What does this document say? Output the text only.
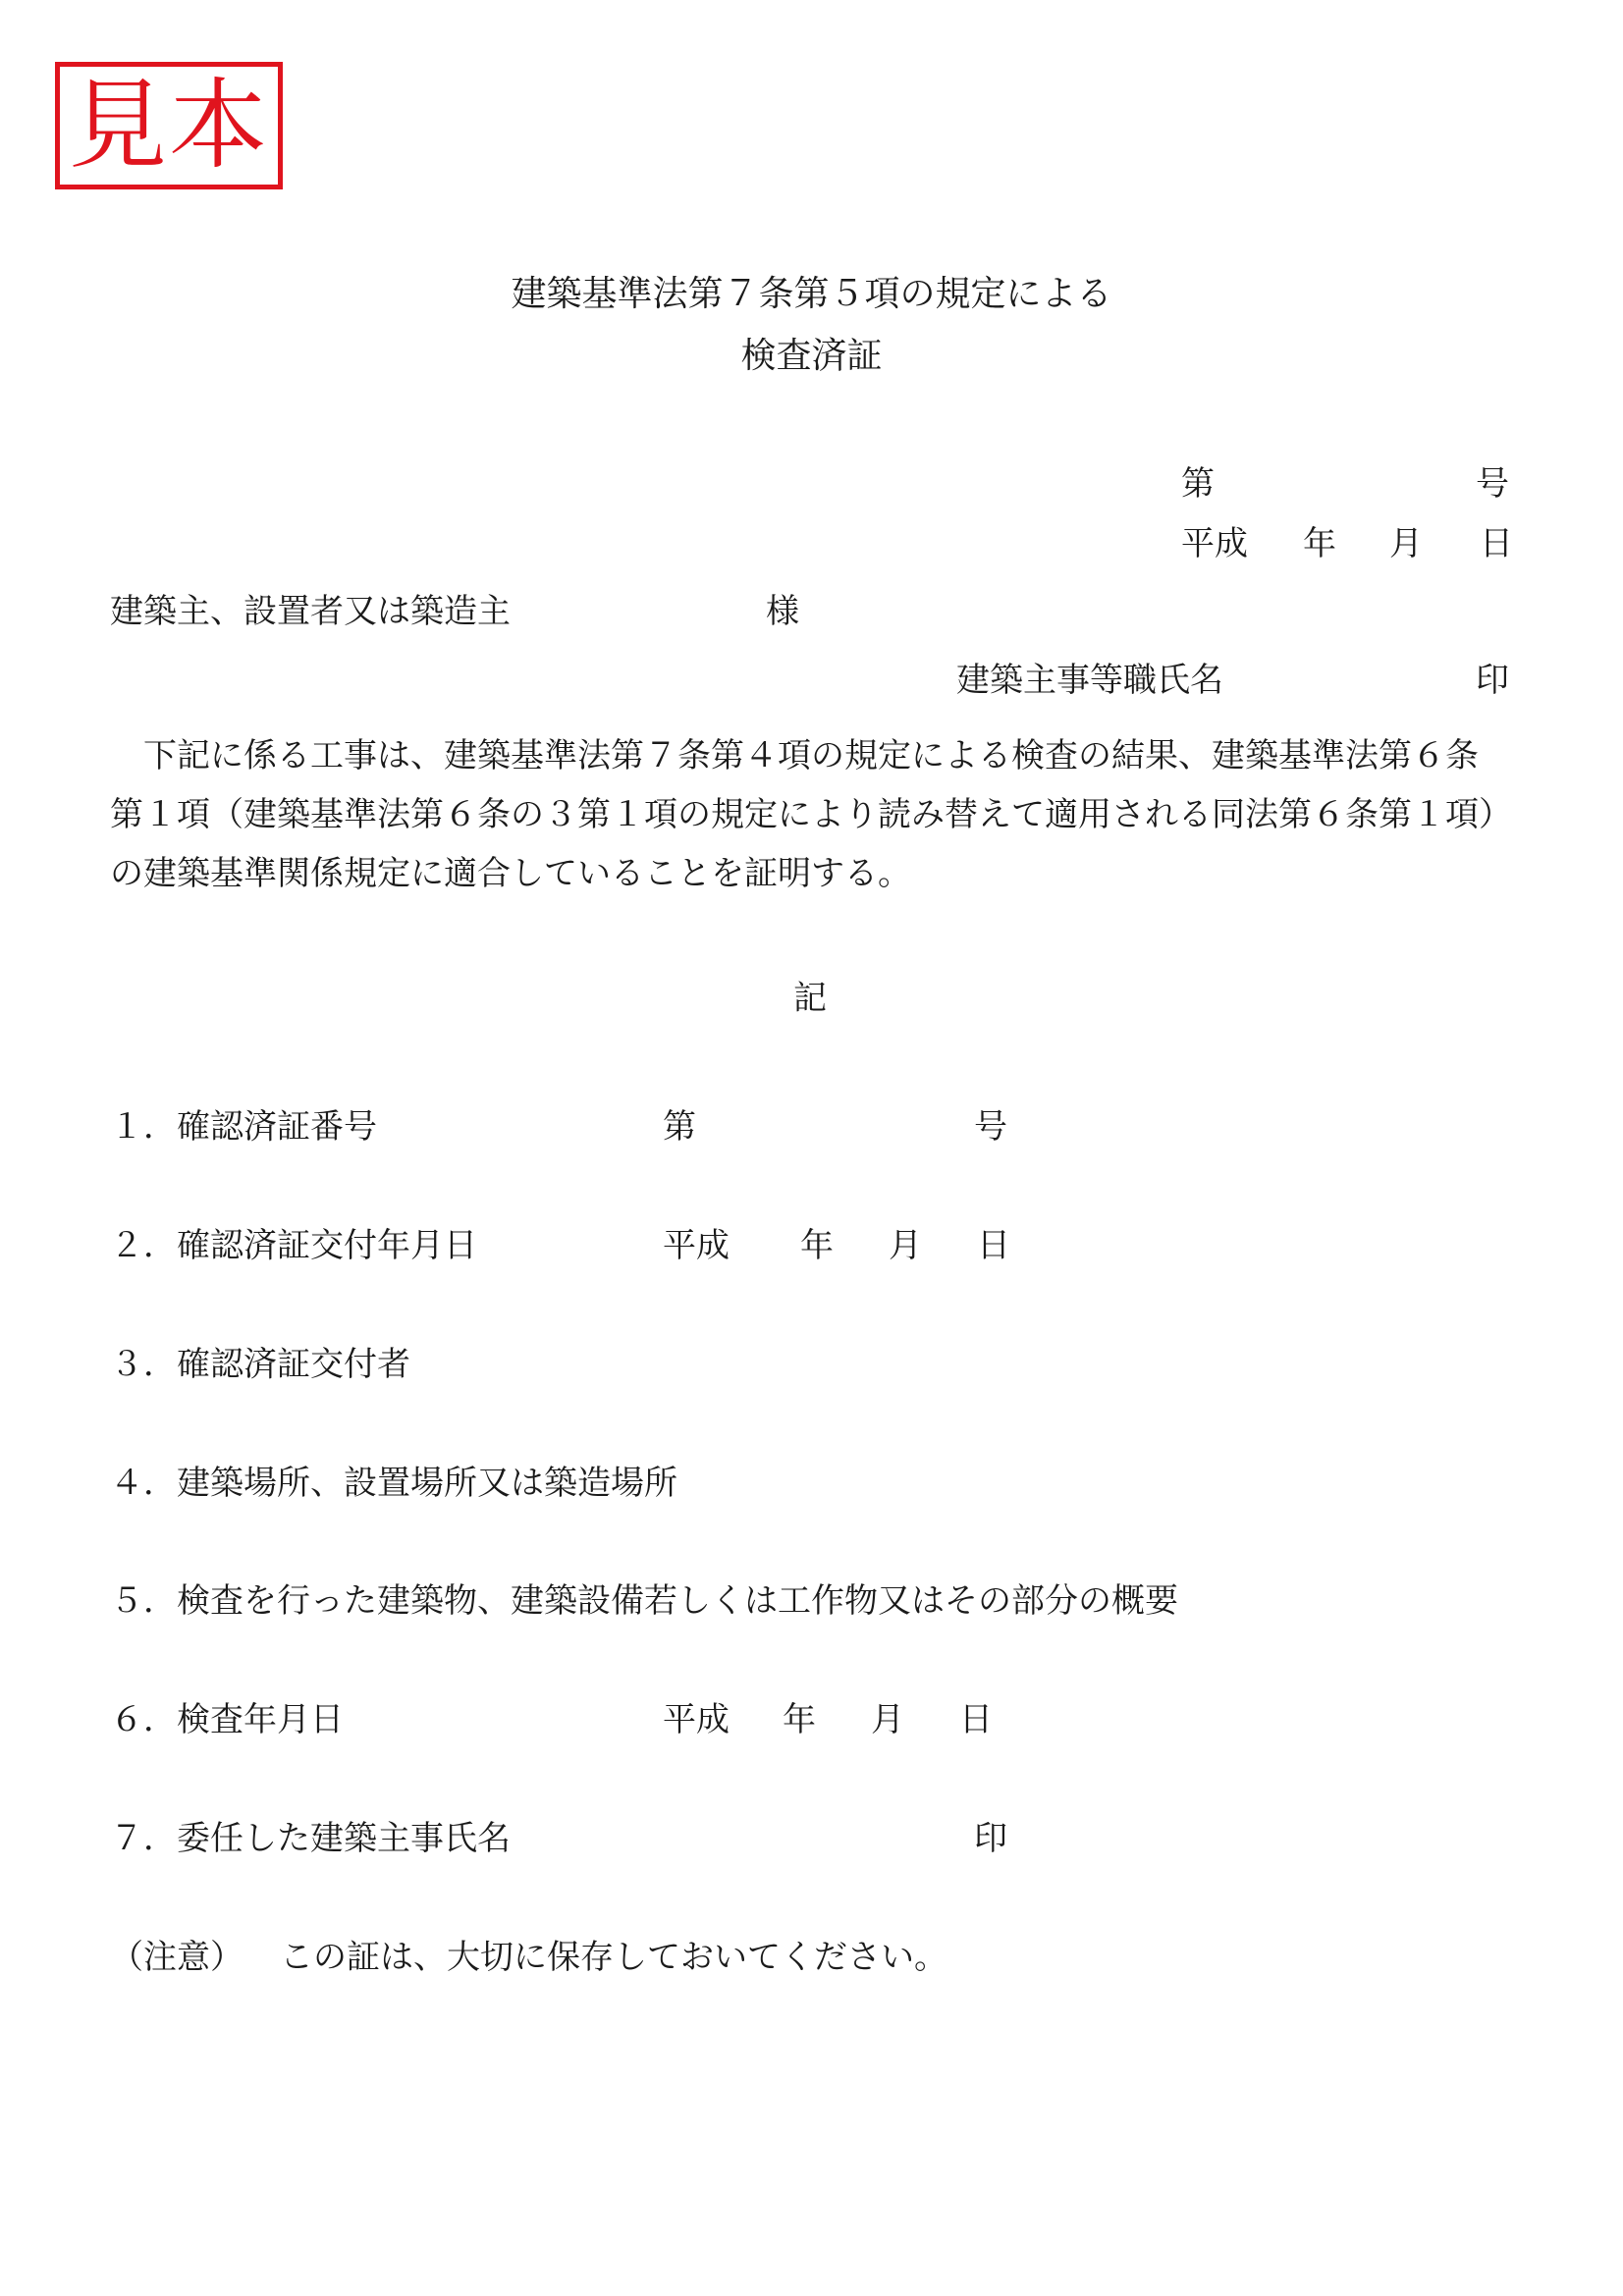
見本
建築基準法第７条第５項の規定による
検査済証
第	号
平成 年 月 日
建築主、設置者又は築造主	様
建築主事等職氏名	印
下記に係る工事は、建築基準法第７条第４項の規定による検査の結果、建築基準法第６条第１項（建築基準法第６条の３第１項の規定により読み替えて適用される同法第６条第１項）の建築基準関係規定に適合していることを証明する。
記
１． 確認済証番号	第	号
２． 確認済証交付年月日	平成 年 月 日
３． 確認済証交付者
４． 建築場所、設置場所又は築造場所
５． 検査を行った建築物、建築設備若しくは工作物又はその部分の概要
６． 検査年月日	平成 年 月 日
７． 委任した建築主事氏名	印
（注意） この証は、大切に保存しておいてください。
